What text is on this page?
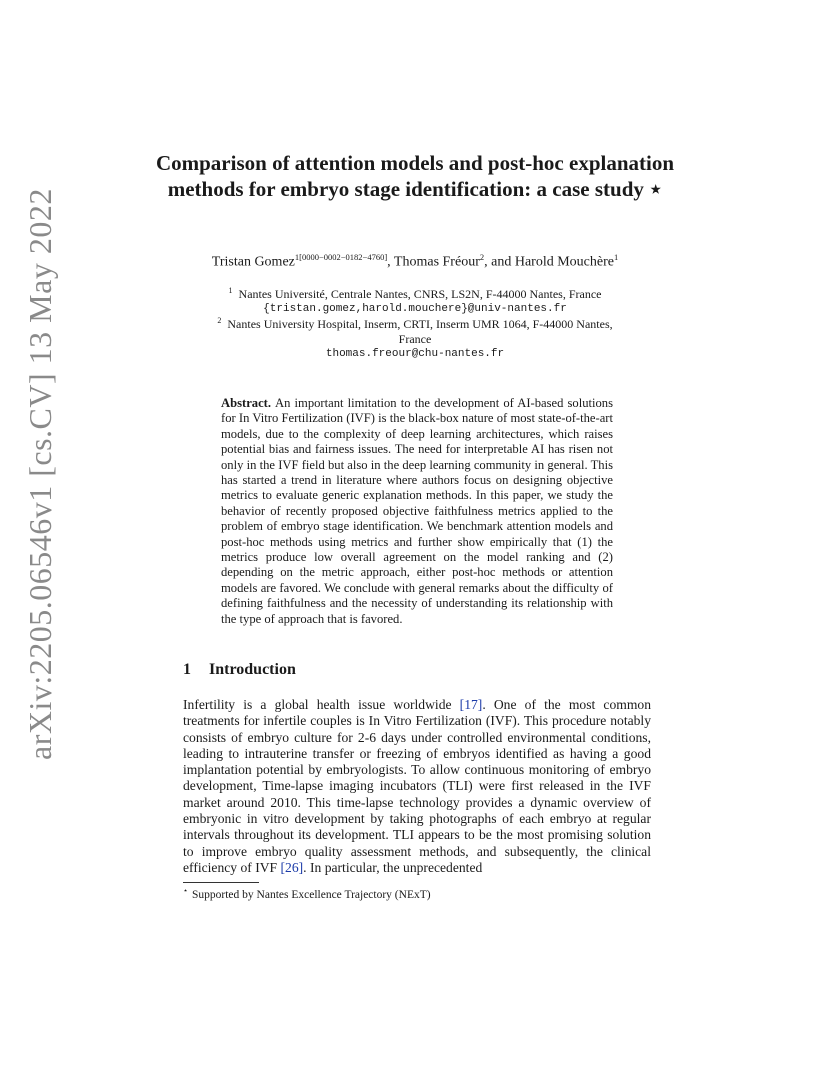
arXiv:2205.06546v1 [cs.CV] 13 May 2022
Comparison of attention models and post-hoc explanation methods for embryo stage identification: a case study ⋆
Tristan Gomez$^{1[0000-0002-0182-4760]}$, Thomas Fréour$^2$, and Harold Mouchère$^1$
$^1$ Nantes Université, Centrale Nantes, CNRS, LS2N, F-44000 Nantes, France
{tristan.gomez,harold.mouchere}@univ-nantes.fr
$^2$ Nantes University Hospital, Inserm, CRTI, Inserm UMR 1064, F-44000 Nantes,
France
thomas.freour@chu-nantes.fr
Abstract. An important limitation to the development of AI-based solutions for In Vitro Fertilization (IVF) is the black-box nature of most state-of-the-art models, due to the complexity of deep learning architectures, which raises potential bias and fairness issues. The need for interpretable AI has risen not only in the IVF field but also in the deep learning community in general. This has started a trend in literature where authors focus on designing objective metrics to evaluate generic explanation methods. In this paper, we study the behavior of recently proposed objective faithfulness metrics applied to the problem of embryo stage identification. We benchmark attention models and post-hoc methods using metrics and further show empirically that (1) the metrics produce low overall agreement on the model ranking and (2) depending on the metric approach, either post-hoc methods or attention models are favored. We conclude with general remarks about the difficulty of defining faithfulness and the necessity of understanding its relationship with the type of approach that is favored.
1 Introduction
Infertility is a global health issue worldwide [17]. One of the most common treatments for infertile couples is In Vitro Fertilization (IVF). This procedure notably consists of embryo culture for 2-6 days under controlled environmental conditions, leading to intrauterine transfer or freezing of embryos identified as having a good implantation potential by embryologists. To allow continuous monitoring of embryo development, Time-lapse imaging incubators (TLI) were first released in the IVF market around 2010. This time-lapse technology provides a dynamic overview of embryonic in vitro development by taking photographs of each embryo at regular intervals throughout its development. TLI appears to be the most promising solution to improve embryo quality assessment methods, and subsequently, the clinical efficiency of IVF [26]. In particular, the unprecedented
⋆ Supported by Nantes Excellence Trajectory (NExT)
